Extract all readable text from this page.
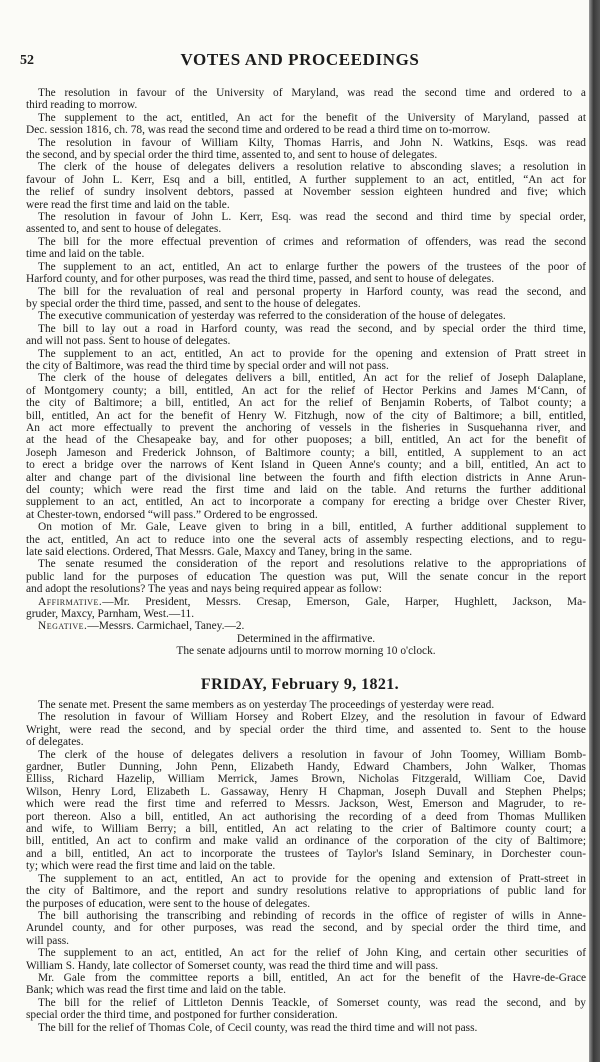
52	VOTES AND PROCEEDINGS
The resolution in favour of the University of Maryland, was read the second time and ordered to a
third reading to morrow.
The supplement to the act, entitled, An act for the benefit of the University of Maryland, passed at
Dec. session 1816, ch. 78, was read the second time and ordered to be read a third time on to-morrow.
The resolution in favour of William Kilty, Thomas Harris, and John N. Watkins, Esqs. was read
the second, and by special order the third time, assented to, and sent to house of delegates.
The clerk of the house of delegates delivers a resolution relative to absconding slaves; a resolution in
favour of John L. Kerr, Esq and a bill, entitled, A further supplement to an act, entitled, “An act for
the relief of sundry insolvent debtors, passed at November session eighteen hundred and five; which
were read the first time and laid on the table.
The resolution in favour of John L. Kerr, Esq. was read the second and third time by special order,
assented to, and sent to house of delegates.
The bill for the more effectual prevention of crimes and reformation of offenders, was read the second
time and laid on the table.
The supplement to an act, entitled, An act to enlarge further the powers of the trustees of the poor of
Harford county, and for other purposes, was read the third time, passed, and sent to house of delegates.
The bill for the revaluation of real and personal property in Harford county, was read the second, and
by special order the third time, passed, and sent to the house of delegates.
The executive communication of yesterday was referred to the consideration of the house of delegates.
The bill to lay out a road in Harford county, was read the second, and by special order the third time,
and will not pass. Sent to house of delegates.
The supplement to an act, entitled, An act to provide for the opening and extension of Pratt street in
the city of Baltimore, was read the third time by special order and will not pass.
The clerk of the house of delegates delivers a bill, entitled, An act for the relief of Joseph Dalaplane,
of Montgomery county; a bill, entitled, An act for the relief of Hector Perkins and James M‘Cann, of
the city of Baltimore; a bill, entitled, An act for the relief of Benjamin Roberts, of Talbot county; a
bill, entitled, An act for the benefit of Henry W. Fitzhugh, now of the city of Baltimore; a bill, entitled,
An act more effectually to prevent the anchoring of vessels in the fisheries in Susquehanna river, and
at the head of the Chesapeake bay, and for other puoposes; a bill, entitled, An act for the benefit of
Joseph Jameson and Frederick Johnson, of Baltimore county; a bill, entitled, A supplement to an act
to erect a bridge over the narrows of Kent Island in Queen Anne's county; and a bill, entitled, An act to
alter and change part of the divisional line between the fourth and fifth election districts in Anne Arun-
del county; which were read the first time and laid on the table. And returns the further additional
supplement to an act, entitled, An act to incorporate a company for erecting a bridge over Chester River,
at Chester-town, endorsed “will pass.” Ordered to be engrossed.
On motion of Mr. Gale, Leave given to bring in a bill, entitled, A further additional supplement to
the act, entitled, An act to reduce into one the several acts of assembly respecting elections, and to regu-
late said elections. Ordered, That Messrs. Gale, Maxcy and Taney, bring in the same.
The senate resumed the consideration of the report and resolutions relative to the appropriations of
public land for the purposes of education The question was put, Will the senate concur in the report
and adopt the resolutions? The yeas and nays being required appear as follow:
Affirmative.—Mr. President, Messrs. Cresap, Emerson, Gale, Harper, Hughlett, Jackson, Ma-
gruder, Maxcy, Parnham, West.—11.
Negative.—Messrs. Carmichael, Taney.—2.
Determined in the affirmative.
The senate adjourns until to morrow morning 10 o'clock.
FRIDAY, February 9, 1821.
The senate met. Present the same members as on yesterday The proceedings of yesterday were read.
The resolution in favour of William Horsey and Robert Elzey, and the resolution in favour of Edward
Wright, were read the second, and by special order the third time, and assented to. Sent to the house
of delegates.
The clerk of the house of delegates delivers a resolution in favour of John Toomey, William Bomb-
gardner, Butler Dunning, John Penn, Elizabeth Handy, Edward Chambers, John Walker, Thomas
Elliss, Richard Hazelip, William Merrick, James Brown, Nicholas Fitzgerald, William Coe, David
Wilson, Henry Lord, Elizabeth L. Gassaway, Henry H Chapman, Joseph Duvall and Stephen Phelps;
which were read the first time and referred to Messrs. Jackson, West, Emerson and Magruder, to re-
port thereon. Also a bill, entitled, An act authorising the recording of a deed from Thomas Mulliken
and wife, to William Berry; a bill, entitled, An act relating to the crier of Baltimore county court; a
bill, entitled, An act to confirm and make valid an ordinance of the corporation of the city of Baltimore;
and a bill, entitled, An act to incorporate the trustees of Taylor's Island Seminary, in Dorchester coun-
ty; which were read the first time and laid on the table.
The supplement to an act, entitled, An act to provide for the opening and extension of Pratt-street in
the city of Baltimore, and the report and sundry resolutions relative to appropriations of public land for
the purposes of education, were sent to the house of delegates.
The bill authorising the transcribing and rebinding of records in the office of register of wills in Anne-
Arundel county, and for other purposes, was read the second, and by special order the third time, and
will pass.
The supplement to an act, entitled, An act for the relief of John King, and certain other securities of
William S. Handy, late collector of Somerset county, was read the third time and will pass.
Mr. Gale from the committee reports a bill, entitled, An act for the benefit of the Havre-de-Grace
Bank; which was read the first time and laid on the table.
The bill for the relief of Littleton Dennis Teackle, of Somerset county, was read the second, and by
special order the third time, and postponed for further consideration.
The bill for the relief of Thomas Cole, of Cecil county, was read the third time and will not pass.
